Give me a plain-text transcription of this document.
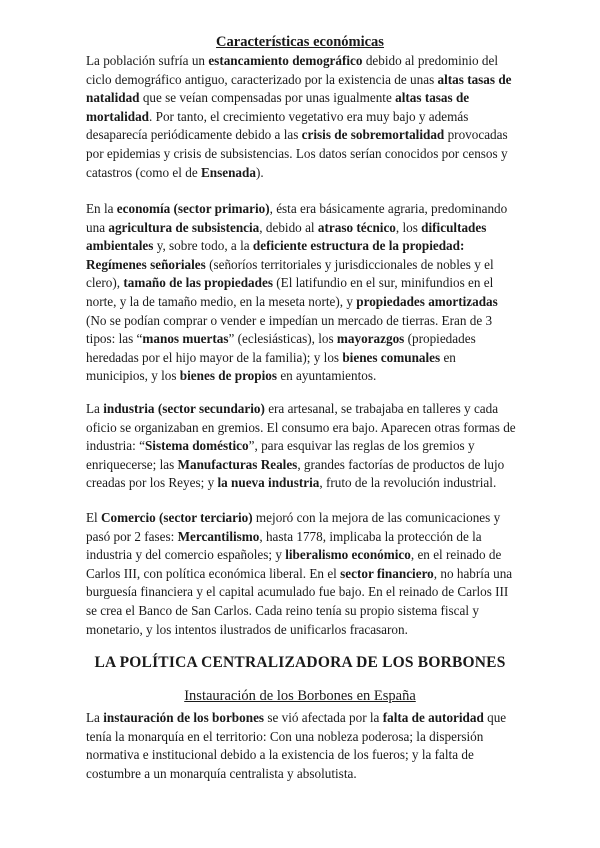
Características económicas

La población sufría un estancamiento demográfico debido al predominio del ciclo demográfico antiguo, caracterizado por la existencia de unas altas tasas de natalidad que se veían compensadas por unas igualmente altas tasas de mortalidad. Por tanto, el crecimiento vegetativo era muy bajo y además desaparecía periódicamente debido a las crisis de sobremortalidad provocadas por epidemias y crisis de subsistencias. Los datos serían conocidos por censos y catastros (como el de Ensenada).

En la economía (sector primario), ésta era básicamente agraria, predominando una agricultura de subsistencia, debido al atraso técnico, los dificultades ambientales y, sobre todo, a la deficiente estructura de la propiedad: Regímenes señoriales (señoríos territoriales y jurisdiccionales de nobles y el clero), tamaño de las propiedades (El latifundio en el sur, minifundios en el norte, y la de tamaño medio, en la meseta norte), y propiedades amortizadas (No se podían comprar o vender e impedían un mercado de tierras. Eran de 3 tipos: las “manos muertas” (eclesiásticas), los mayorazgos (propiedades heredadas por el hijo mayor de la familia); y los bienes comunales en municipios, y los bienes de propios en ayuntamientos.

La industria (sector secundario) era artesanal, se trabajaba en talleres y cada oficio se organizaban en gremios. El consumo era bajo. Aparecen otras formas de industria: “Sistema doméstico”, para esquivar las reglas de los gremios y enriquecerse; las Manufacturas Reales, grandes factorías de productos de lujo creadas por los Reyes; y la nueva industria, fruto de la revolución industrial.

El Comercio (sector terciario) mejoró con la mejora de las comunicaciones y pasó por 2 fases: Mercantilismo, hasta 1778, implicaba la protección de la industria y del comercio españoles; y liberalismo económico, en el reinado de Carlos III, con política económica liberal. En el sector financiero, no habría una burguesía financiera y el capital acumulado fue bajo. En el reinado de Carlos III se crea el Banco de San Carlos. Cada reino tenía su propio sistema fiscal y monetario, y los intentos ilustrados de unificarlos fracasaron.

LA POLÍTICA CENTRALIZADORA DE LOS BORBONES
Instauración de los Borbones en España

La instauración de los borbones se vió afectada por la falta de autoridad que tenía la monarquía en el territorio: Con una nobleza poderosa; la dispersión normativa e institucional debido a la existencia de los fueros; y la falta de costumbre a un monarquía centralista y absolutista.
